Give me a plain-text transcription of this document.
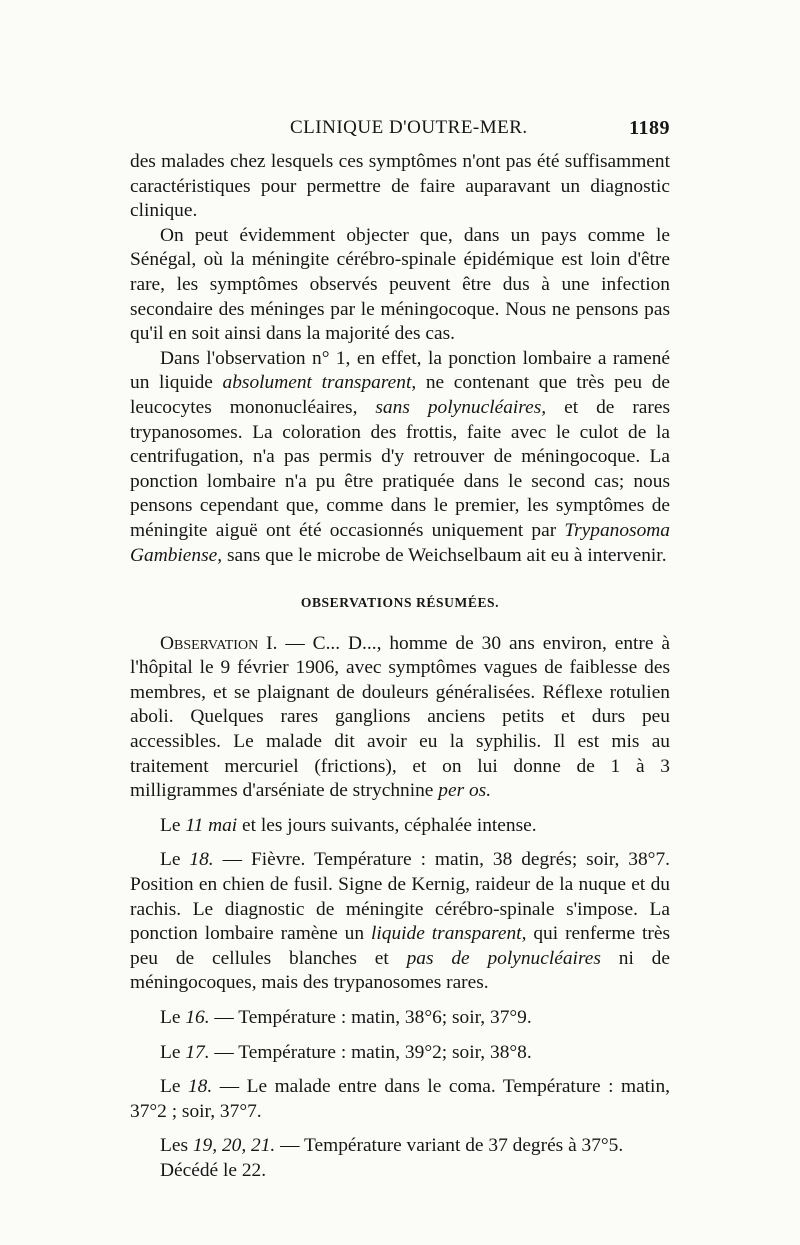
CLINIQUE D'OUTRE-MER.	1189

des malades chez lesquels ces symptômes n'ont pas été suffisamment caractéristiques pour permettre de faire auparavant un diagnostic clinique.

On peut évidemment objecter que, dans un pays comme le Sénégal, où la méningite cérébro-spinale épidémique est loin d'être rare, les symptômes observés peuvent être dus à une infection secondaire des méninges par le méningocoque. Nous ne pensons pas qu'il en soit ainsi dans la majorité des cas.

Dans l'observation n° 1, en effet, la ponction lombaire a ramené un liquide absolument transparent, ne contenant que très peu de leucocytes mononucléaires, sans polynucléaires, et de rares trypanosomes. La coloration des frottis, faite avec le culot de la centrifugation, n'a pas permis d'y retrouver de méningocoque. La ponction lombaire n'a pu être pratiquée dans le second cas; nous pensons cependant que, comme dans le premier, les symptômes de méningite aiguë ont été occasionnés uniquement par Trypanosoma Gambiense, sans que le microbe de Weichselbaum ait eu à intervenir.

OBSERVATIONS RÉSUMÉES.

Observation I. — C... D..., homme de 30 ans environ, entre à l'hôpital le 9 février 1906, avec symptômes vagues de faiblesse des membres, et se plaignant de douleurs généralisées. Réflexe rotulien aboli. Quelques rares ganglions anciens petits et durs peu accessibles. Le malade dit avoir eu la syphilis. Il est mis au traitement mercuriel (frictions), et on lui donne de 1 à 3 milligrammes d'arséniate de strychnine per os.

Le 11 mai et les jours suivants, céphalée intense.

Le 18. — Fièvre. Température : matin, 38 degrés; soir, 38°7. Position en chien de fusil. Signe de Kernig, raideur de la nuque et du rachis. Le diagnostic de méningite cérébro-spinale s'impose. La ponction lombaire ramène un liquide transparent, qui renferme très peu de cellules blanches et pas de polynucléaires ni de méningocoques, mais des trypanosomes rares.

Le 16. — Température : matin, 38°6; soir, 37°9.

Le 17. — Température : matin, 39°2; soir, 38°8.

Le 18. — Le malade entre dans le coma. Température : matin, 37°2 ; soir, 37°7.

Les 19, 20, 21. — Température variant de 37 degrés à 37°5.

Décédé le 22.
